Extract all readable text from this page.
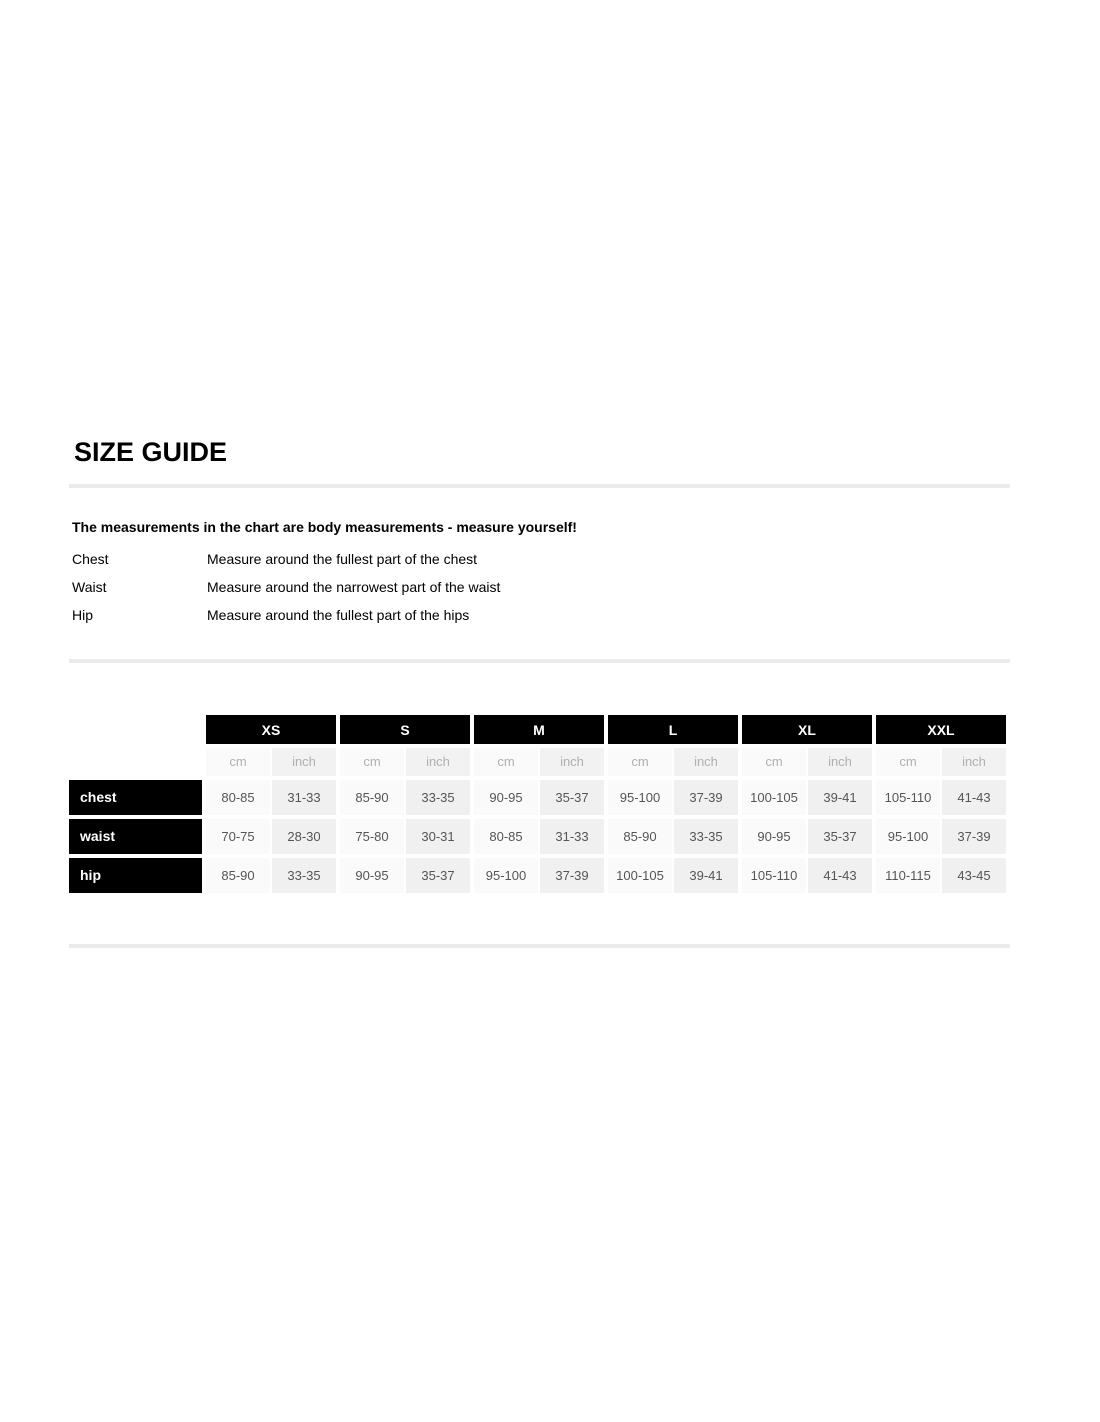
SIZE GUIDE

The measurements in the chart are body measurements - measure yourself!

Chest	Measure around the fullest part of the chest
Waist	Measure around the narrowest part of the waist
Hip	Measure around the fullest part of the hips
XS	S	M	L	XL	XXL
cm	inch	cm	inch	cm	inch	cm	inch	cm	inch	cm	inch
chest	80-85	31-33	85-90	33-35	90-95	35-37	95-100	37-39	100-105	39-41	105-110	41-43
waist	70-75	28-30	75-80	30-31	80-85	31-33	85-90	33-35	90-95	35-37	95-100	37-39
hip	85-90	33-35	90-95	35-37	95-100	37-39	100-105	39-41	105-110	41-43	110-115	43-45
